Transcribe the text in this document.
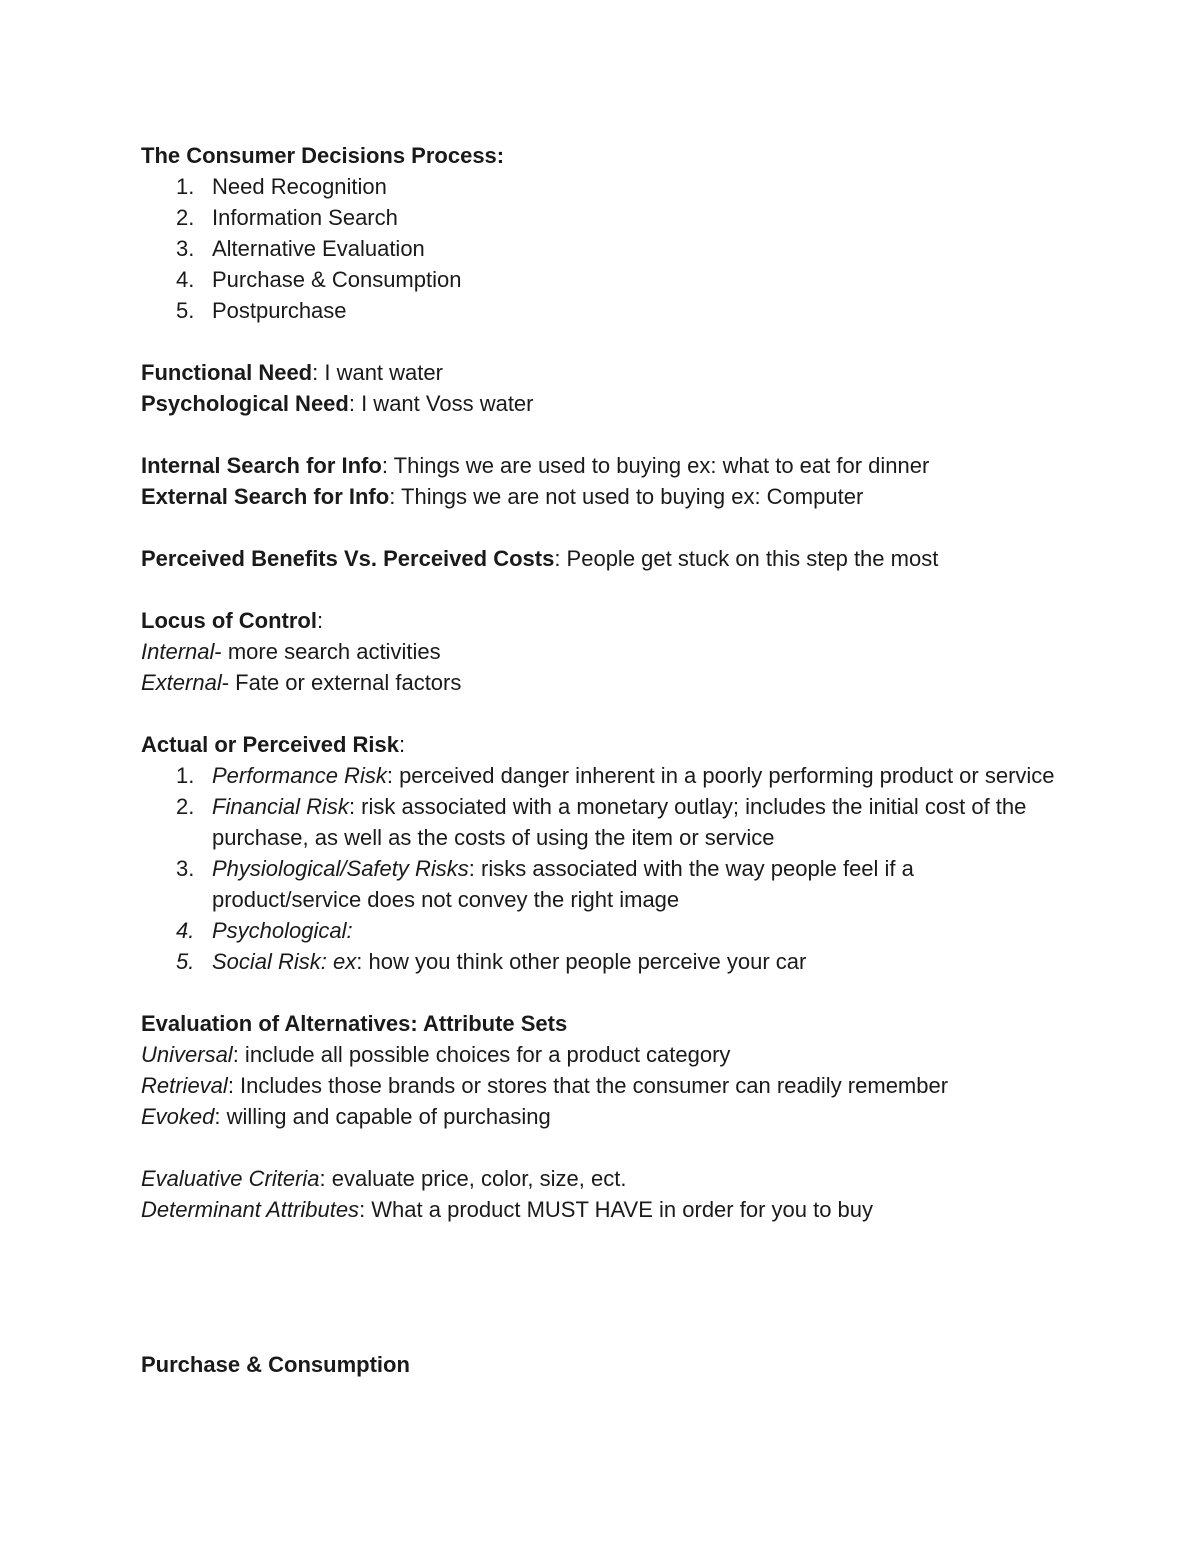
The Consumer Decisions Process:
1. Need Recognition
2. Information Search
3. Alternative Evaluation
4. Purchase & Consumption
5. Postpurchase
Functional Need: I want water
Psychological Need: I want Voss water
Internal Search for Info: Things we are used to buying ex: what to eat for dinner
External Search for Info: Things we are not used to buying ex: Computer
Perceived Benefits Vs. Perceived Costs: People get stuck on this step the most
Locus of Control:
Internal- more search activities
External- Fate or external factors
Actual or Perceived Risk:
1. Performance Risk: perceived danger inherent in a poorly performing product or service
2. Financial Risk: risk associated with a monetary outlay; includes the initial cost of the purchase, as well as the costs of using the item or service
3. Physiological/Safety Risks: risks associated with the way people feel if a product/service does not convey the right image
4. Psychological:
5. Social Risk: ex: how you think other people perceive your car
Evaluation of Alternatives: Attribute Sets
Universal: include all possible choices for a product category
Retrieval: Includes those brands or stores that the consumer can readily remember
Evoked: willing and capable of purchasing
Evaluative Criteria: evaluate price, color, size, ect.
Determinant Attributes: What a product MUST HAVE in order for you to buy
Purchase & Consumption
